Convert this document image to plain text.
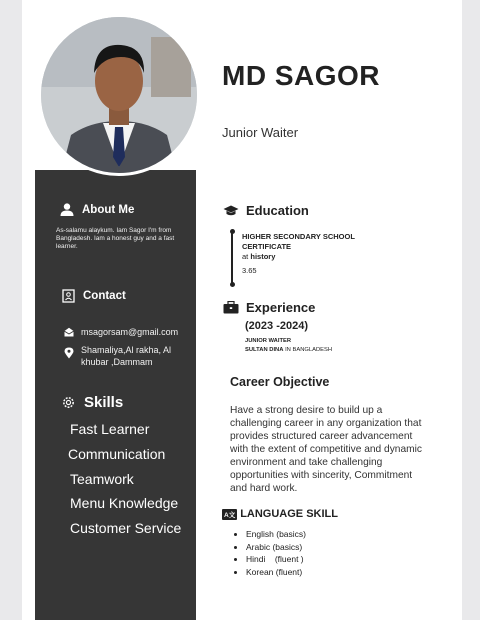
MD SAGOR
Junior Waiter
About Me
As-salamu alaykum. Iam Sagor I'm from Bangladesh. Iam a honest guy and a fast learner.
Contact
msagorsam@gmail.com
Shamaliya,Al rakha, Al
khubar ,Dammam
Skills
Fast Learner
Communication
Teamwork
Menu Knowledge
Customer Service
Education
HIGHER SECONDARY SCHOOL
CERTIFICATE
at history
3.65
Experience
(2023 -2024)
JUNIOR WAITER
SULTAN DINA IN BANGLADESH
Career Objective
Have a strong desire to build up a challenging career in any organization that provides structured career advancement with the extent of competitive and dynamic environment and take challenging opportunities with sincerity, Commitment and hard work.
A文 LANGUAGE SKILL
• English (basics)
• Arabic (basics)
• Hindi    (fluent )
• Korean (fluent)
